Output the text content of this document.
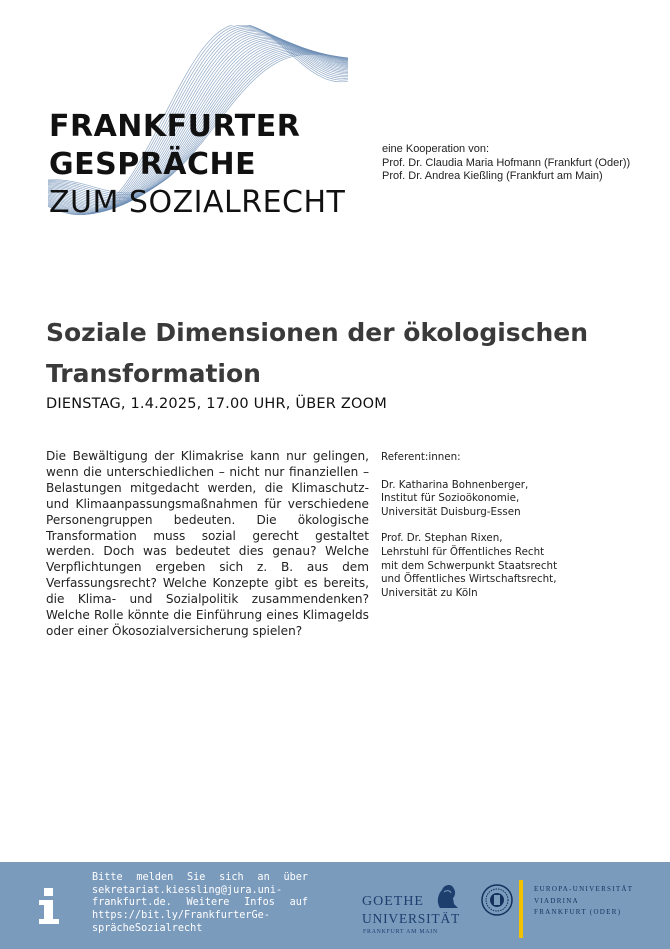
FRANKFURTER
GESPRÄCHE
ZUM SOZIALRECHT
eine Kooperation von:
Prof. Dr. Claudia Maria Hofmann (Frankfurt (Oder))
Prof. Dr. Andrea Kießling (Frankfurt am Main)
Soziale Dimensionen der ökologischen
Transformation
DIENSTAG, 1.4.2025, 17.00 UHR, ÜBER ZOOM
Die Bewältigung der Klimakrise kann nur gelingen, wenn die unterschiedlichen – nicht nur finanziellen – Belastungen mitgedacht werden, die Klimaschutz- und Klimaanpassungsmaßnahmen für verschiedene Personengruppen bedeuten. Die ökologische Transformation muss sozial gerecht gestaltet werden. Doch was bedeutet dies genau? Welche Verpflichtungen ergeben sich z. B. aus dem Verfassungsrecht? Welche Konzepte gibt es bereits, die Klima- und Sozialpolitik zusammendenken? Welche Rolle könnte die Einführung eines Klimagelds oder einer Ökosozialversicherung spielen?
Referent:innen:
Dr. Katharina Bohnenberger,
Institut für Sozioökonomie, Universität Duisburg-Essen
Prof. Dr. Stephan Rixen,
Lehrstuhl für Öffentliches Recht mit dem Schwerpunkt Staatsrecht und Öffentliches Wirtschaftsrecht, Universität zu Köln
Bitte melden Sie sich an über sekretariat.kiessling@jura.uni-frankfurt.de. Weitere Infos auf https://bit.ly/FrankfurterGesprächeSozialrecht
GOETHE
UNIVERSITÄT
FRANKFURT AM MAIN
EUROPA-UNIVERSITÄT
VIADRINA
FRANKFURT (ODER)
